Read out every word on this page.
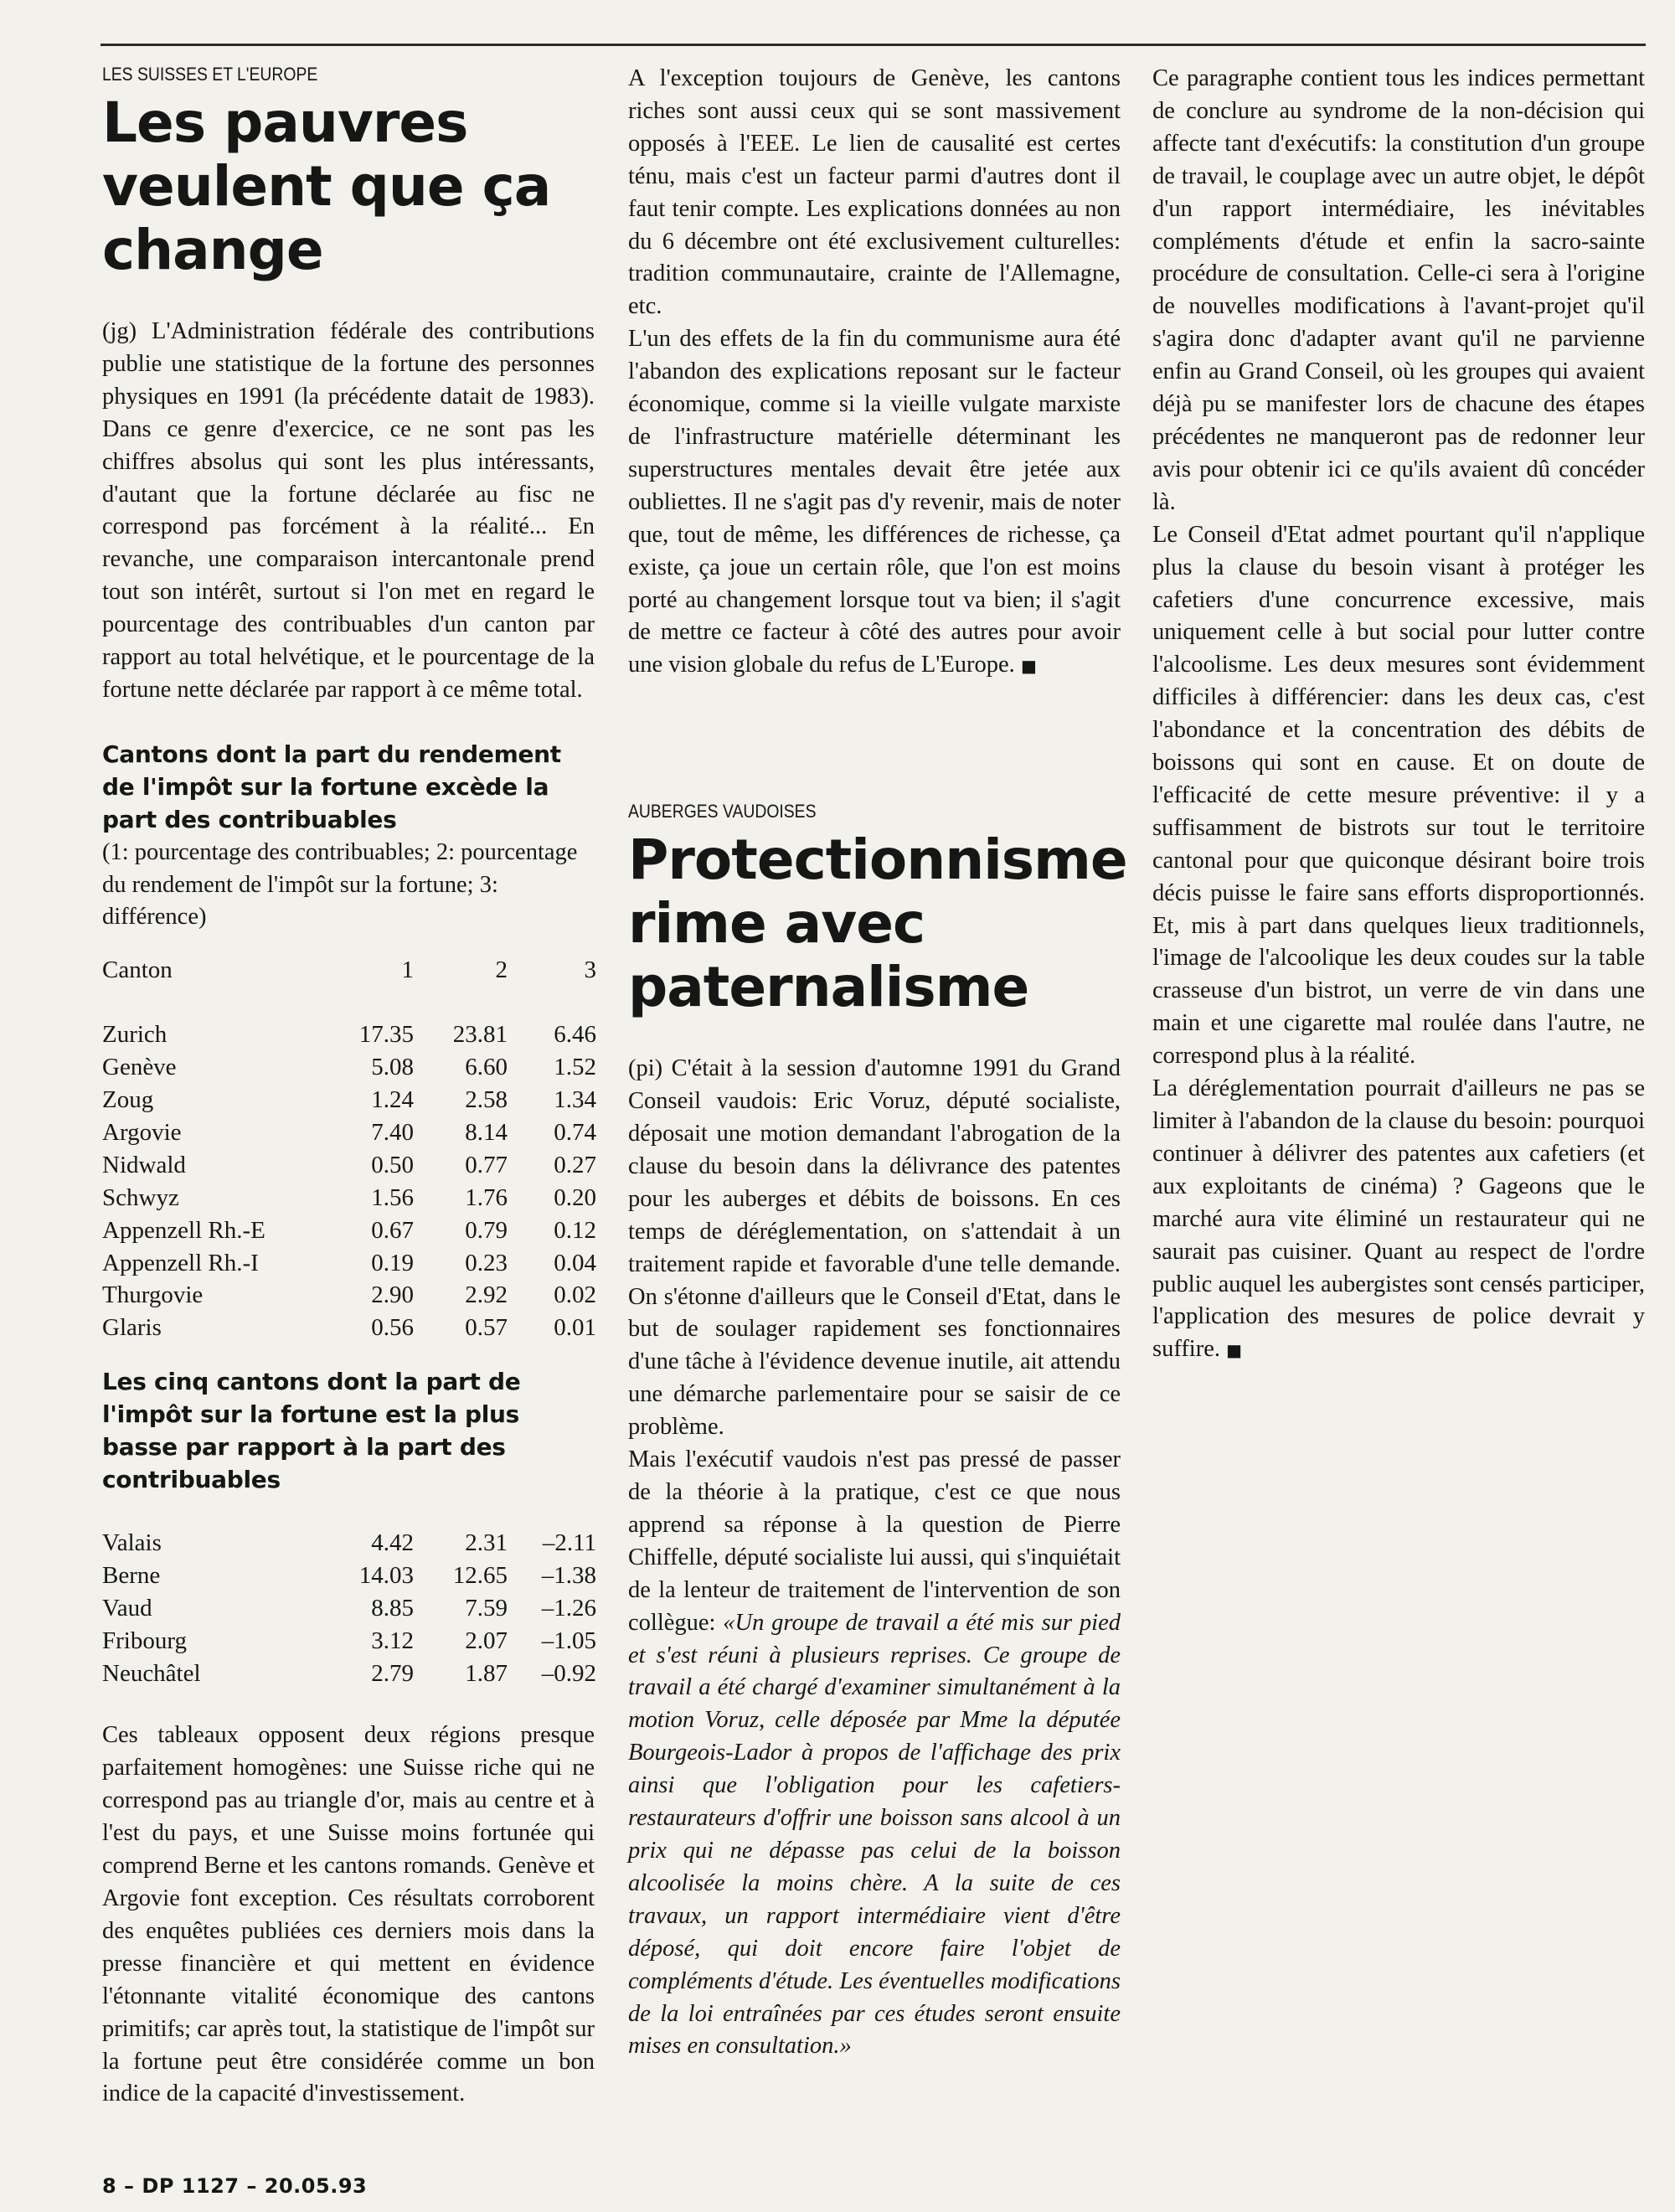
LES SUISSES ET L'EUROPE

Les pauvres veulent que ça change

(jg) L'Administration fédérale des contributions publie une statistique de la fortune des personnes physiques en 1991 (la précédente datait de 1983). Dans ce genre d'exercice, ce ne sont pas les chiffres absolus qui sont les plus intéressants, d'autant que la fortune déclarée au fisc ne correspond pas forcément à la réalité... En revanche, une comparaison intercantonale prend tout son intérêt, surtout si l'on met en regard le pourcentage des contribuables d'un canton par rapport au total helvétique, et le pourcentage de la fortune nette déclarée par rapport à ce même total.

Cantons dont la part du rendement de l'impôt sur la fortune excède la part des contribuables

(1: pourcentage des contribuables; 2: pourcentage du rendement de l'impôt sur la fortune; 3: différence)

Canton	1	2	3

Zurich	17.35	23.81	6.46
Genève	5.08	6.60	1.52
Zoug	1.24	2.58	1.34
Argovie	7.40	8.14	0.74
Nidwald	0.50	0.77	0.27
Schwyz	1.56	1.76	0.20
Appenzell Rh.-E	0.67	0.79	0.12
Appenzell Rh.-I	0.19	0.23	0.04
Thurgovie	2.90	2.92	0.02
Glaris	0.56	0.57	0.01

Les cinq cantons dont la part de l'impôt sur la fortune est la plus basse par rapport à la part des contribuables

Valais	4.42	2.31	–2.11
Berne	14.03	12.65	–1.38
Vaud	8.85	7.59	–1.26
Fribourg	3.12	2.07	–1.05
Neuchâtel	2.79	1.87	–0.92

Ces tableaux opposent deux régions presque parfaitement homogènes: une Suisse riche qui ne correspond pas au triangle d'or, mais au centre et à l'est du pays, et une Suisse moins fortunée qui comprend Berne et les cantons romands. Genève et Argovie font exception. Ces résultats corroborent des enquêtes publiées ces derniers mois dans la presse financière et qui mettent en évidence l'étonnante vitalité économique des cantons primitifs; car après tout, la statistique de l'impôt sur la fortune peut être considérée comme un bon indice de la capacité d'investissement.

A l'exception toujours de Genève, les cantons riches sont aussi ceux qui se sont massivement opposés à l'EEE. Le lien de causalité est certes ténu, mais c'est un facteur parmi d'autres dont il faut tenir compte. Les explications données au non du 6 décembre ont été exclusivement culturelles: tradition communautaire, crainte de l'Allemagne, etc.

L'un des effets de la fin du communisme aura été l'abandon des explications reposant sur le facteur économique, comme si la vieille vulgate marxiste de l'infrastructure matérielle déterminant les superstructures mentales devait être jetée aux oubliettes. Il ne s'agit pas d'y revenir, mais de noter que, tout de même, les différences de richesse, ça existe, ça joue un certain rôle, que l'on est moins porté au changement lorsque tout va bien; il s'agit de mettre ce facteur à côté des autres pour avoir une vision globale du refus de L'Europe. ■

AUBERGES VAUDOISES

Protectionnisme rime avec paternalisme

(pi) C'était à la session d'automne 1991 du Grand Conseil vaudois: Eric Voruz, député socialiste, déposait une motion demandant l'abrogation de la clause du besoin dans la délivrance des patentes pour les auberges et débits de boissons. En ces temps de déréglementation, on s'attendait à un traitement rapide et favorable d'une telle demande. On s'étonne d'ailleurs que le Conseil d'Etat, dans le but de soulager rapidement ses fonctionnaires d'une tâche à l'évidence devenue inutile, ait attendu une démarche parlementaire pour se saisir de ce problème.

Mais l'exécutif vaudois n'est pas pressé de passer de la théorie à la pratique, c'est ce que nous apprend sa réponse à la question de Pierre Chiffelle, député socialiste lui aussi, qui s'inquiétait de la lenteur de traitement de l'intervention de son collègue: «Un groupe de travail a été mis sur pied et s'est réuni à plusieurs reprises. Ce groupe de travail a été chargé d'examiner simultanément à la motion Voruz, celle déposée par Mme la députée Bourgeois-Lador à propos de l'affichage des prix ainsi que l'obligation pour les cafetiers-restaurateurs d'offrir une boisson sans alcool à un prix qui ne dépasse pas celui de la boisson alcoolisée la moins chère. A la suite de ces travaux, un rapport intermédiaire vient d'être déposé, qui doit encore faire l'objet de compléments d'étude. Les éventuelles modifications de la loi entraînées par ces études seront ensuite mises en consultation.»

Ce paragraphe contient tous les indices permettant de conclure au syndrome de la non-décision qui affecte tant d'exécutifs: la constitution d'un groupe de travail, le couplage avec un autre objet, le dépôt d'un rapport intermédiaire, les inévitables compléments d'étude et enfin la sacro-sainte procédure de consultation. Celle-ci sera à l'origine de nouvelles modifications à l'avant-projet qu'il s'agira donc d'adapter avant qu'il ne parvienne enfin au Grand Conseil, où les groupes qui avaient déjà pu se manifester lors de chacune des étapes précédentes ne manqueront pas de redonner leur avis pour obtenir ici ce qu'ils avaient dû concéder là.

Le Conseil d'Etat admet pourtant qu'il n'applique plus la clause du besoin visant à protéger les cafetiers d'une concurrence excessive, mais uniquement celle à but social pour lutter contre l'alcoolisme. Les deux mesures sont évidemment difficiles à différencier: dans les deux cas, c'est l'abondance et la concentration des débits de boissons qui sont en cause. Et on doute de l'efficacité de cette mesure préventive: il y a suffisamment de bistrots sur tout le territoire cantonal pour que quiconque désirant boire trois décis puisse le faire sans efforts disproportionnés. Et, mis à part dans quelques lieux traditionnels, l'image de l'alcoolique les deux coudes sur la table crasseuse d'un bistrot, un verre de vin dans une main et une cigarette mal roulée dans l'autre, ne correspond plus à la réalité.

La déréglementation pourrait d'ailleurs ne pas se limiter à l'abandon de la clause du besoin: pourquoi continuer à délivrer des patentes aux cafetiers (et aux exploitants de cinéma) ? Gageons que le marché aura vite éliminé un restaurateur qui ne saurait pas cuisiner. Quant au respect de l'ordre public auquel les aubergistes sont censés participer, l'application des mesures de police devrait y suffire. ■

8 – DP 1127 – 20.05.93
